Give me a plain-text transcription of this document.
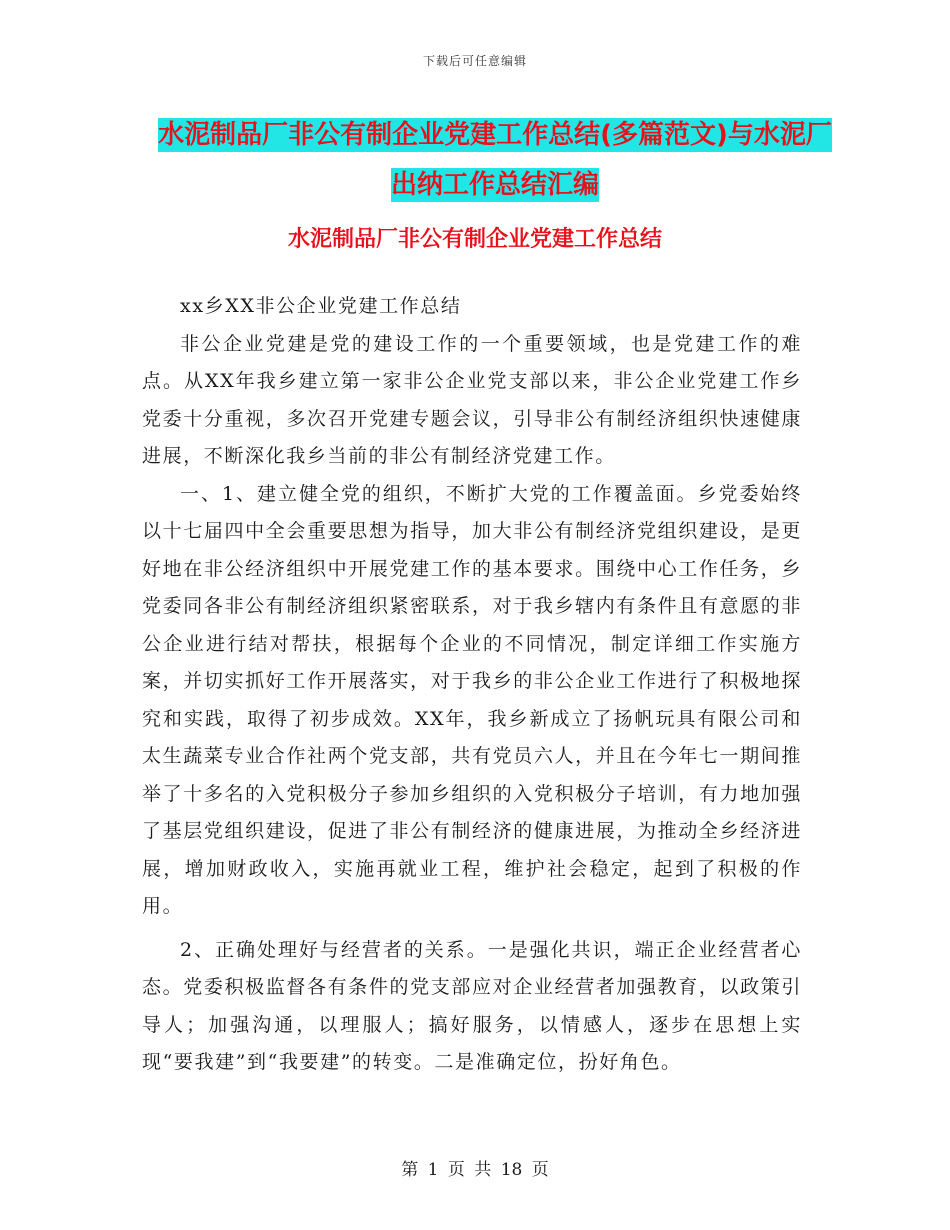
下载后可任意编辑
水泥制品厂非公有制企业党建工作总结(多篇范文)与水泥厂出纳工作总结汇编
水泥制品厂非公有制企业党建工作总结

xx乡XX非公企业党建工作总结

非公企业党建是党的建设工作的一个重要领域，也是党建工作的难点。从XX年我乡建立第一家非公企业党支部以来，非公企业党建工作乡党委十分重视，多次召开党建专题会议，引导非公有制经济组织快速健康进展，不断深化我乡当前的非公有制经济党建工作。

一、1、建立健全党的组织，不断扩大党的工作覆盖面。乡党委始终以十七届四中全会重要思想为指导，加大非公有制经济党组织建设，是更好地在非公经济组织中开展党建工作的基本要求。围绕中心工作任务，乡党委同各非公有制经济组织紧密联系，对于我乡辖内有条件且有意愿的非公企业进行结对帮扶，根据每个企业的不同情况，制定详细工作实施方案，并切实抓好工作开展落实，对于我乡的非公企业工作进行了积极地探究和实践，取得了初步成效。XX年，我乡新成立了扬帆玩具有限公司和太生蔬菜专业合作社两个党支部，共有党员六人，并且在今年七一期间推举了十多名的入党积极分子参加乡组织的入党积极分子培训，有力地加强了基层党组织建设，促进了非公有制经济的健康进展，为推动全乡经济进展，增加财政收入，实施再就业工程，维护社会稳定，起到了积极的作用。

2、正确处理好与经营者的关系。一是强化共识，端正企业经营者心态。党委积极监督各有条件的党支部应对企业经营者加强教育，以政策引导人；加强沟通，以理服人；搞好服务，以情感人，逐步在思想上实现“要我建”到“我要建”的转变。二是准确定位，扮好角色。

第 1 页 共 18 页
